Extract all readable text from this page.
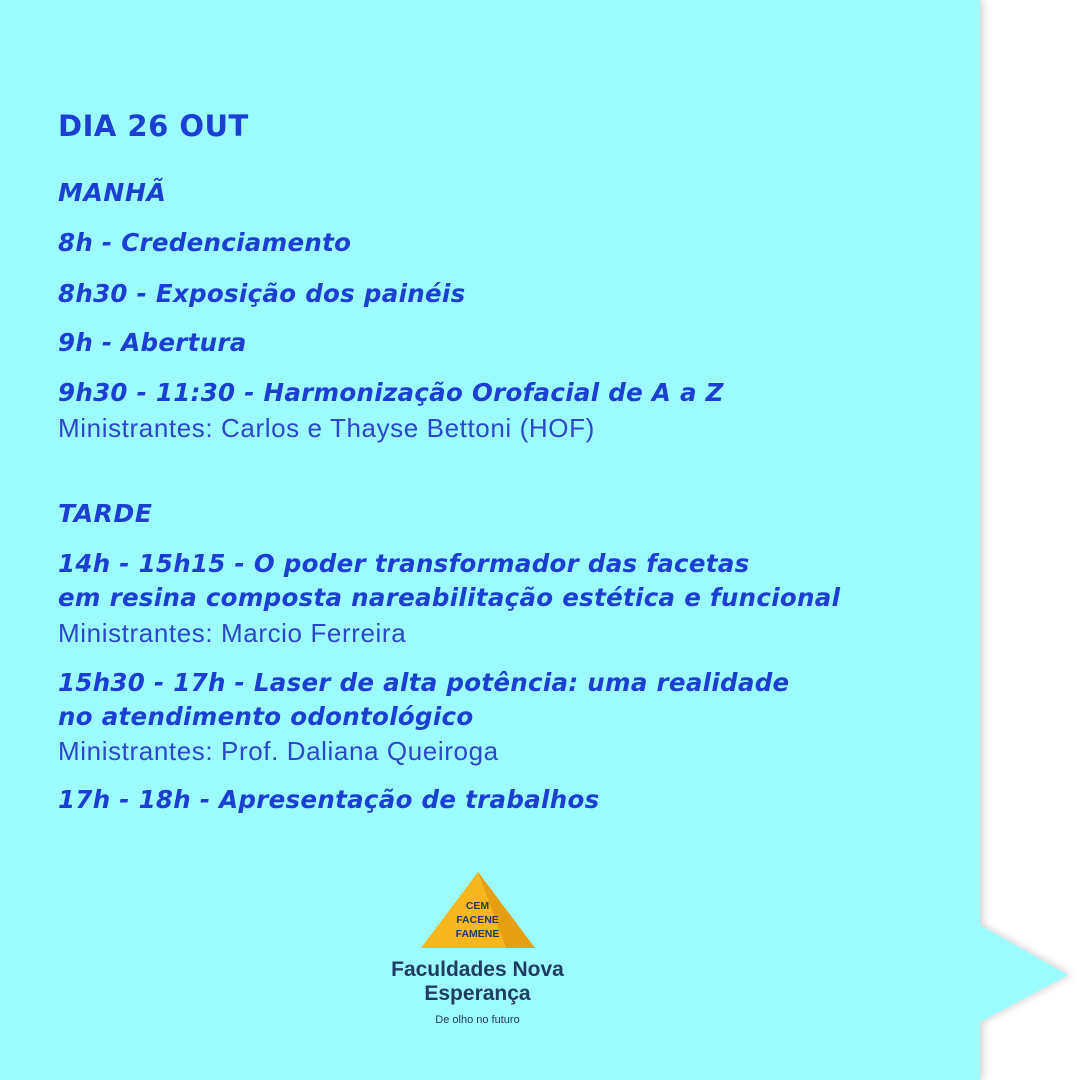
DIA 26 OUT
MANHÃ
8h - Credenciamento
8h30 - Exposição dos painéis
9h - Abertura
9h30 - 11:30 - Harmonização Orofacial de A a Z
Ministrantes: Carlos e Thayse Bettoni (HOF)
TARDE
14h - 15h15 - O poder transformador das facetas
em resina composta nareabilitação estética e funcional
Ministrantes: Marcio Ferreira
15h30 - 17h - Laser de alta potência: uma realidade
no atendimento odontológico
Ministrantes: Prof. Daliana Queiroga
17h - 18h - Apresentação de trabalhos
CEM
FACENE
FAMENE
Faculdades Nova
Esperança
De olho no futuro
